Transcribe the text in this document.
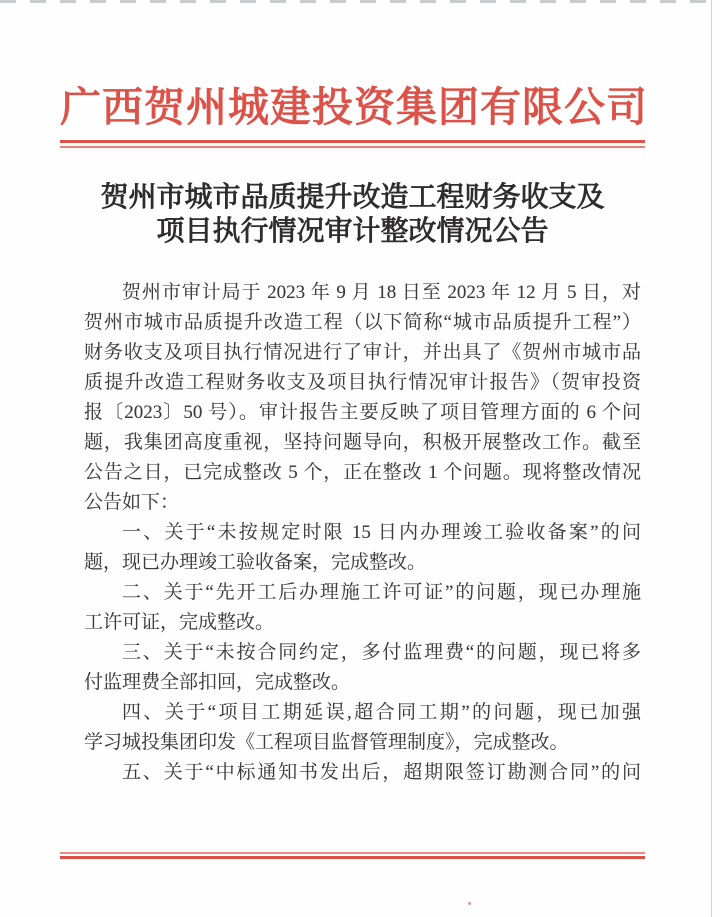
广西贺州城建投资集团有限公司
贺州市城市品质提升改造工程财务收支及
项目执行情况审计整改情况公告
贺州市审计局于 2023 年 9 月 18 日至 2023 年 12 月 5 日，对
贺州市城市品质提升改造工程（以下简称“城市品质提升工程”）
财务收支及项目执行情况进行了审计，并出具了《贺州市城市品
质提升改造工程财务收支及项目执行情况审计报告》（贺审投资
报〔2023〕50 号）。审计报告主要反映了项目管理方面的 6 个问
题，我集团高度重视，坚持问题导向，积极开展整改工作。截至
公告之日，已完成整改 5 个，正在整改 1 个问题。现将整改情况
公告如下：
一、关于“未按规定时限 15 日内办理竣工验收备案”的问
题，现已办理竣工验收备案，完成整改。
二、关于“先开工后办理施工许可证”的问题，现已办理施
工许可证，完成整改。
三、关于“未按合同约定，多付监理费“的问题，现已将多
付监理费全部扣回，完成整改。
四、关于“项目工期延误,超合同工期”的问题，现已加强
学习城投集团印发《工程项目监督管理制度》，完成整改。
五、关于“中标通知书发出后，超期限签订勘测合同”的问
